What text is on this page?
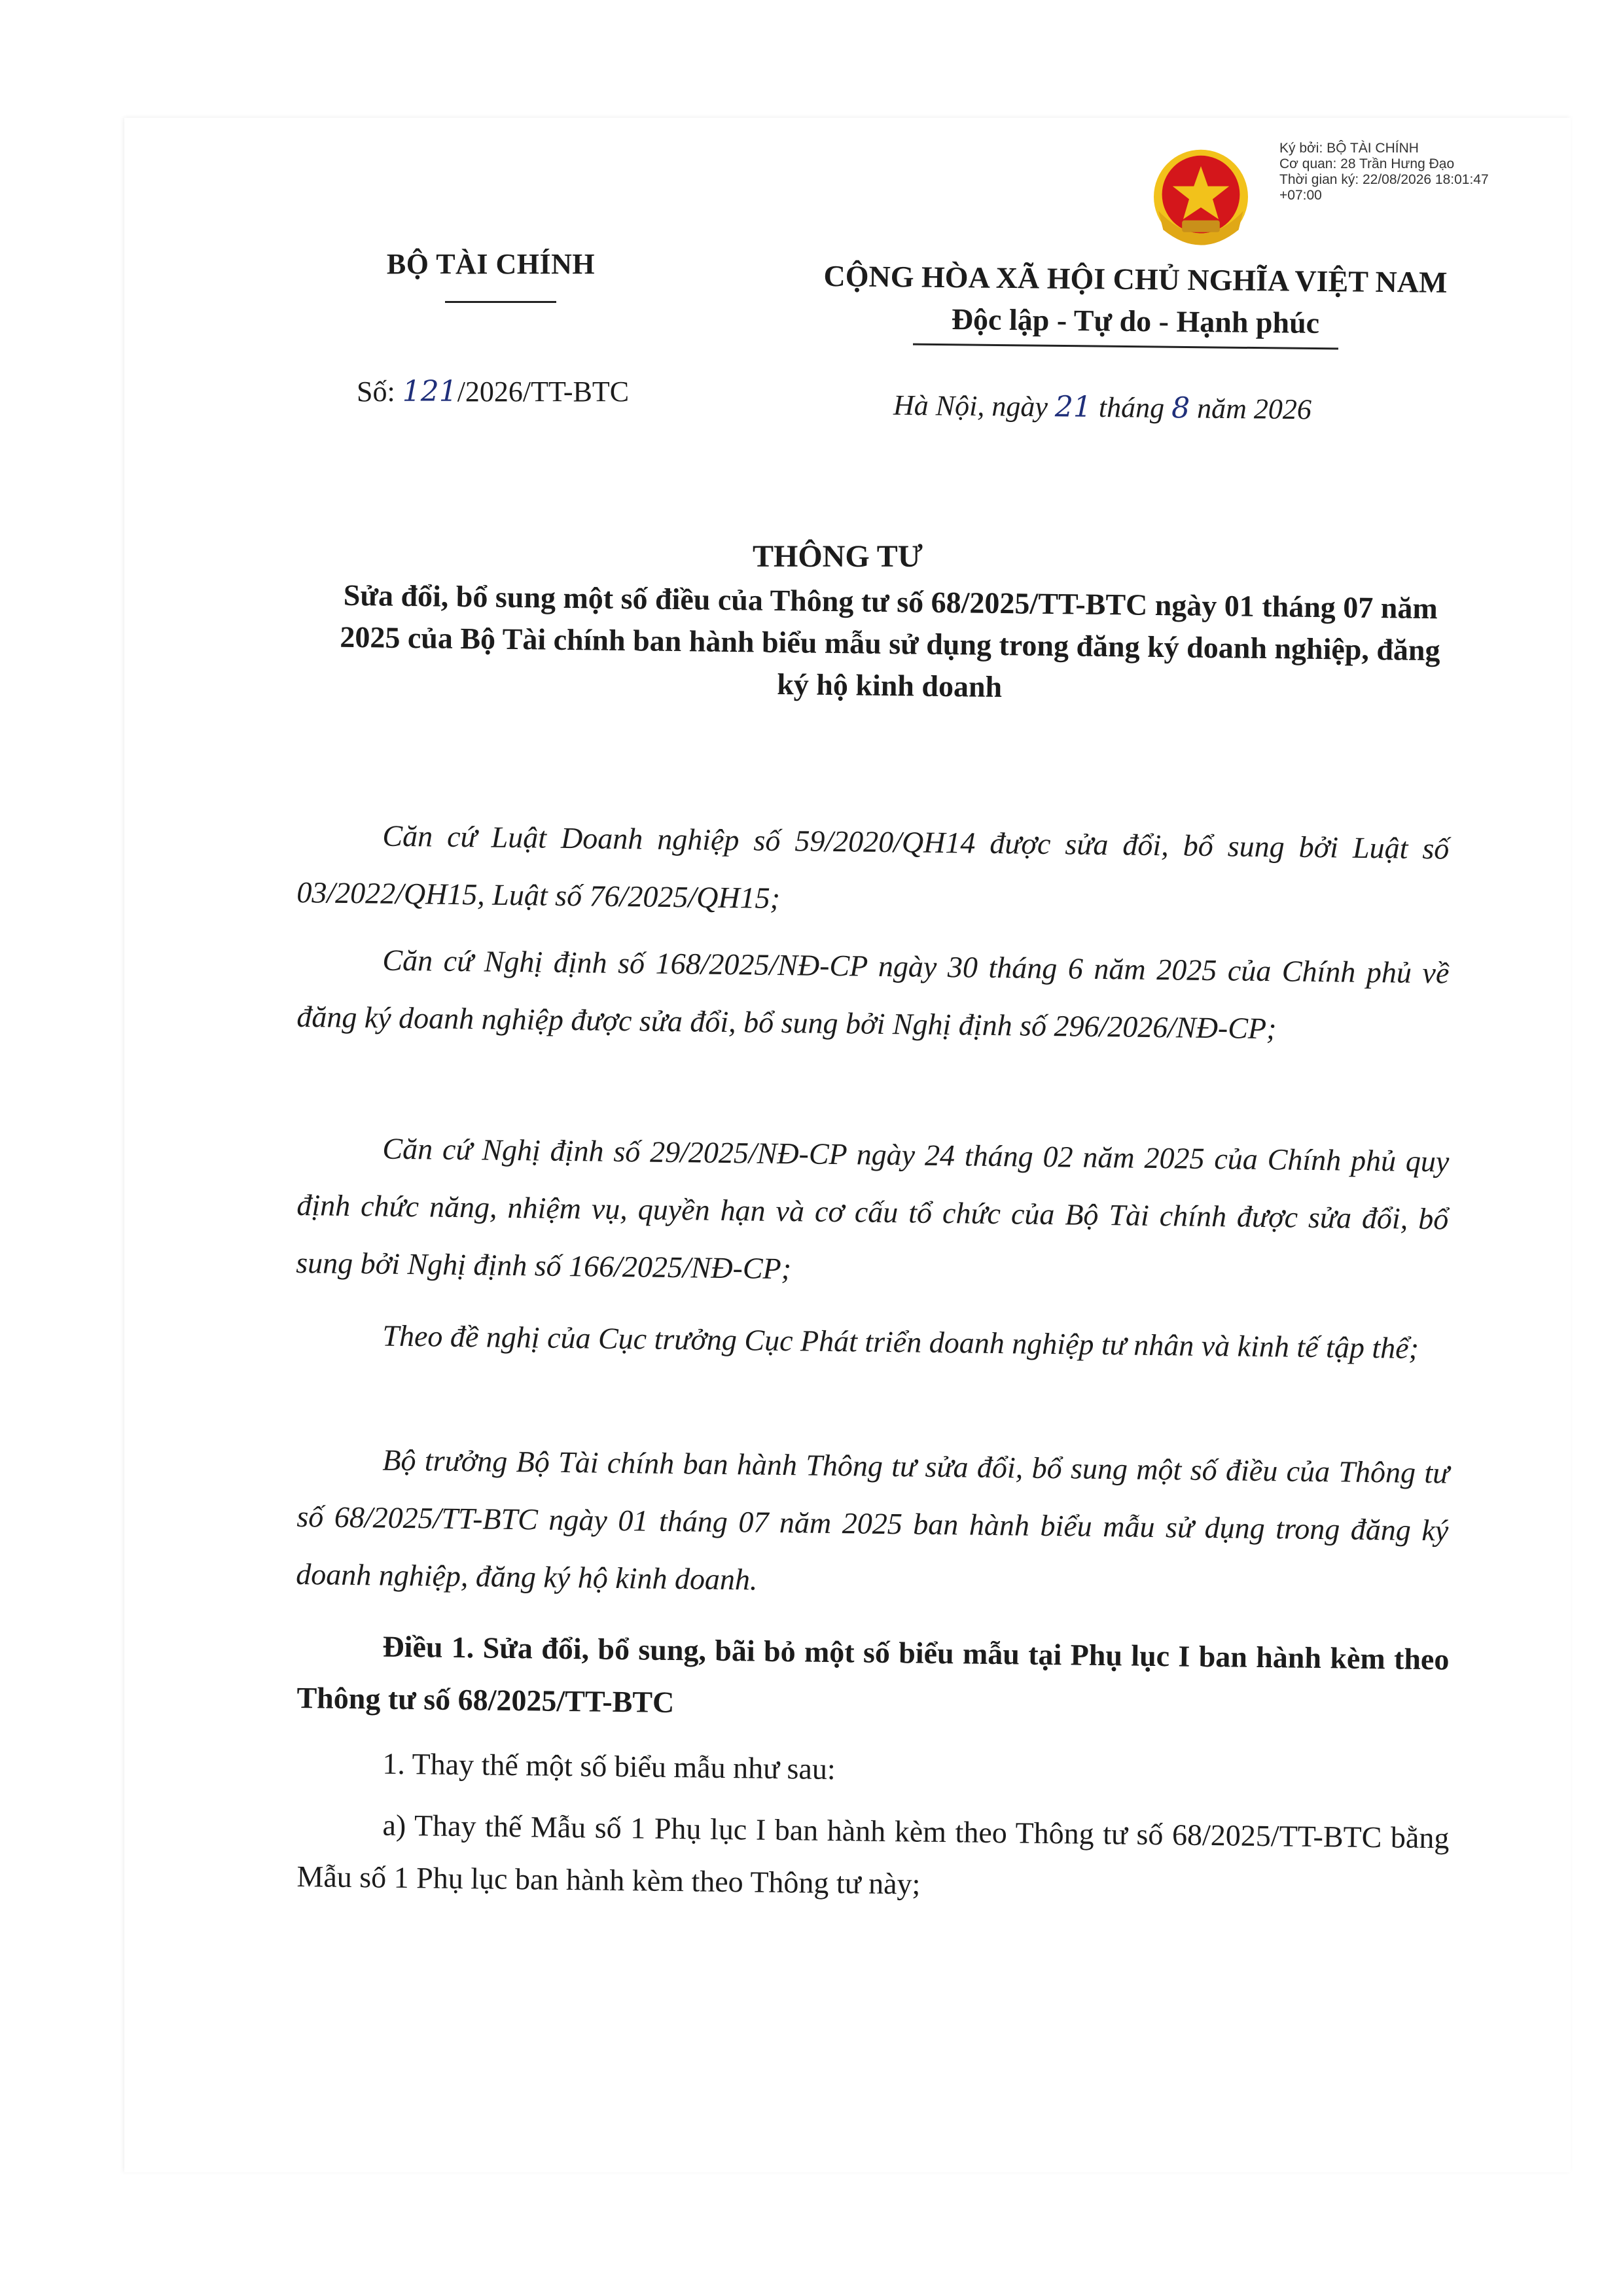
Ký bởi: BỘ TÀI CHÍNH
Cơ quan: 28 Trần Hưng Đạo
Thời gian ký: 22/08/2026 18:01:47
+07:00
BỘ TÀI CHÍNH	CỘNG HÒA XÃ HỘI CHỦ NGHĨA VIỆT NAM
Độc lập - Tự do - Hạnh phúc
Số: 121/2026/TT-BTC	Hà Nội, ngày 21 tháng 8 năm 2026
THÔNG TƯ
Sửa đổi, bổ sung một số điều của Thông tư số 68/2025/TT-BTC ngày 01 tháng 07 năm 2025 của Bộ Tài chính ban hành biểu mẫu sử dụng trong đăng ký doanh nghiệp, đăng ký hộ kinh doanh
Căn cứ Luật Doanh nghiệp số 59/2020/QH14 được sửa đổi, bổ sung bởi Luật số 03/2022/QH15, Luật số 76/2025/QH15;
Căn cứ Nghị định số 168/2025/NĐ-CP ngày 30 tháng 6 năm 2025 của Chính phủ về đăng ký doanh nghiệp được sửa đổi, bổ sung bởi Nghị định số 296/2026/NĐ-CP;
Căn cứ Nghị định số 29/2025/NĐ-CP ngày 24 tháng 02 năm 2025 của Chính phủ quy định chức năng, nhiệm vụ, quyền hạn và cơ cấu tổ chức của Bộ Tài chính được sửa đổi, bổ sung bởi Nghị định số 166/2025/NĐ-CP;
Theo đề nghị của Cục trưởng Cục Phát triển doanh nghiệp tư nhân và kinh tế tập thể;
Bộ trưởng Bộ Tài chính ban hành Thông tư sửa đổi, bổ sung một số điều của Thông tư số 68/2025/TT-BTC ngày 01 tháng 07 năm 2025 ban hành biểu mẫu sử dụng trong đăng ký doanh nghiệp, đăng ký hộ kinh doanh.
Điều 1. Sửa đổi, bổ sung, bãi bỏ một số biểu mẫu tại Phụ lục I ban hành kèm theo Thông tư số 68/2025/TT-BTC
1. Thay thế một số biểu mẫu như sau:
a) Thay thế Mẫu số 1 Phụ lục I ban hành kèm theo Thông tư số 68/2025/TT-BTC bằng Mẫu số 1 Phụ lục ban hành kèm theo Thông tư này;
